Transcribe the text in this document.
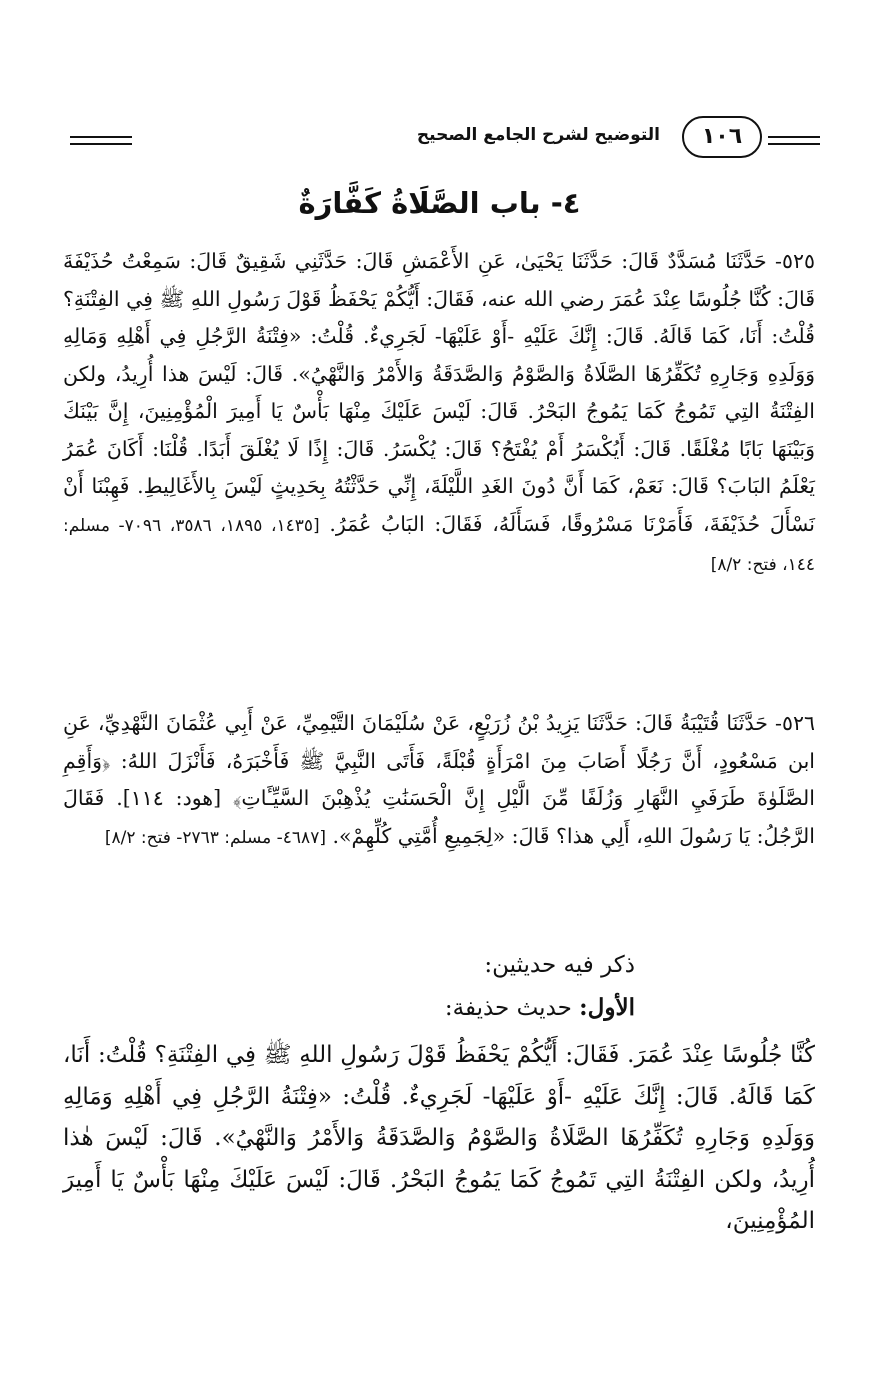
١٠٦
التوضيح لشرح الجامع الصحيح
٤- باب الصَّلَاةُ كَفَّارَةٌ

٥٢٥- حَدَّثَنَا مُسَدَّدٌ قَالَ: حَدَّثَنَا يَحْيَىٰ، عَنِ الأَعْمَشِ قَالَ: حَدَّثَنِي شَقِيقٌ قَالَ: سَمِعْتُ حُذَيْفَةَ قَالَ: كُنَّا جُلُوسًا عِنْدَ عُمَرَ رضي الله عنه، فَقَالَ: أَيُّكُمْ يَحْفَظُ قَوْلَ رَسُولِ اللهِ ﷺ فِي الفِتْنَةِ؟ قُلْتُ: أَنَا، كَمَا قَالَهُ. قَالَ: إِنَّكَ عَلَيْهِ -أَوْ عَلَيْهَا- لَجَرِيءٌ. قُلْتُ: «فِتْنَةُ الرَّجُلِ فِي أَهْلِهِ وَمَالِهِ وَوَلَدِهِ وَجَارِهِ تُكَفِّرُهَا الصَّلَاةُ وَالصَّوْمُ وَالصَّدَقَةُ وَالأَمْرُ وَالنَّهْيُ». قَالَ: لَيْسَ هذا أُرِيدُ، ولكن الفِتْنَةُ التِي تَمُوجُ كَمَا يَمُوجُ البَحْرُ. قَالَ: لَيْسَ عَلَيْكَ مِنْهَا بَأْسٌ يَا أَمِيرَ الْمُؤْمِنِينَ، إِنَّ بَيْنَكَ وَبَيْنَهَا بَابًا مُغْلَقًا. قَالَ: أَيُكْسَرُ أَمْ يُفْتَحُ؟ قَالَ: يُكْسَرُ. قَالَ: إِذًا لَا يُغْلَقَ أَبَدًا. قُلْنَا: أَكَانَ عُمَرُ يَعْلَمُ البَابَ؟ قَالَ: نَعَمْ، كَمَا أَنَّ دُونَ الغَدِ اللَّيْلَةَ، إِنِّي حَدَّثْتُهُ بِحَدِيثٍ لَيْسَ بِالأَغَالِيطِ. فَهِبْنَا أَنْ نَسْأَلَ حُذَيْفَةَ، فَأَمَرْنَا مَسْرُوقًا، فَسَأَلَهُ، فَقَالَ: البَابُ عُمَرُ. [١٤٣٥، ١٨٩٥، ٣٥٨٦، ٧٠٩٦- مسلم: ١٤٤، فتح: ٨/٢]

٥٢٦- حَدَّثَنَا قُتَيْبَةُ قَالَ: حَدَّثَنَا يَزِيدُ بْنُ زُرَيْعٍ، عَنْ سُلَيْمَانَ التَّيْمِيِّ، عَنْ أَبِي عُثْمَانَ النَّهْدِيِّ، عَنِ ابن مَسْعُودٍ، أَنَّ رَجُلًا أَصَابَ مِنَ امْرَأَةٍ قُبْلَةً، فَأَتَى النَّبِيَّ ﷺ فَأَخْبَرَهُ، فَأَنْزَلَ اللهُ: ﴿وَأَقِمِ الصَّلَوٰةَ طَرَفَيِ النَّهَارِ وَزُلَفًا مِّنَ الَّيْلِ إِنَّ الْحَسَنَٰتِ يُذْهِبْنَ السَّيِّـَٔاتِ﴾ [هود: ١١٤]. فَقَالَ الرَّجُلُ: يَا رَسُولَ اللهِ، أَلِي هذا؟ قَالَ: «لِجَمِيعِ أُمَّتِي كُلِّهِمْ». [٤٦٨٧- مسلم: ٢٧٦٣- فتح: ٨/٢]

ذكر فيه حديثين:

الأول: حديث حذيفة:

كُنَّا جُلُوسًا عِنْدَ عُمَرَ. فَقَالَ: أَيُّكُمْ يَحْفَظُ قَوْلَ رَسُولِ اللهِ ﷺ فِي الفِتْنَةِ؟ قُلْتُ: أَنَا، كَمَا قَالَهُ. قَالَ: إِنَّكَ عَلَيْهِ -أَوْ عَلَيْهَا- لَجَرِيءٌ. قُلْتُ: «فِتْنَةُ الرَّجُلِ فِي أَهْلِهِ وَمَالِهِ وَوَلَدِهِ وَجَارِهِ تُكَفِّرُهَا الصَّلَاةُ وَالصَّوْمُ وَالصَّدَقَةُ وَالأَمْرُ وَالنَّهْيُ». قَالَ: لَيْسَ هٰذا أُرِيدُ، ولكن الفِتْنَةُ التِي تَمُوجُ كَمَا يَمُوجُ البَحْرُ. قَالَ: لَيْسَ عَلَيْكَ مِنْهَا بَأْسٌ يَا أَمِيرَ المُؤْمِنِينَ،
